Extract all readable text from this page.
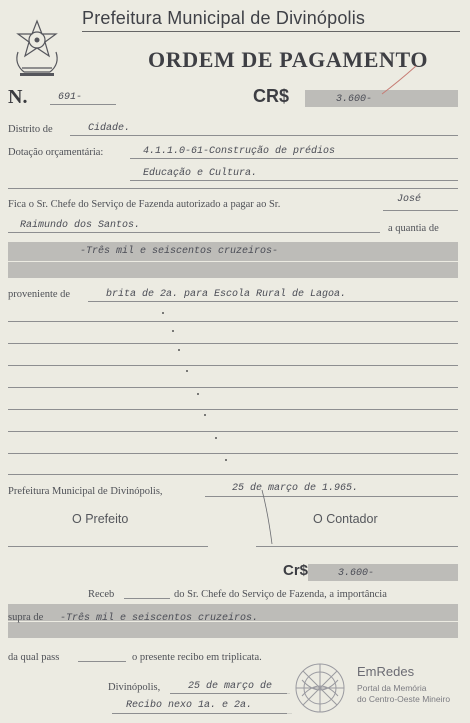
Prefeitura Municipal de Divinópolis
ORDEM DE PAGAMENTO
N.	691-	CR$	3.600-
Distrito de	Cidade.
Dotação orçamentária:	4.1.1.0-61-Construção de prédios
Educação e Cultura.
Fica o Sr. Chefe do Serviço de Fazenda autorizado a pagar ao Sr.	José
Raimundo dos Santos.	a quantia de
-Três mil e seiscentos cruzeiros-
proveniente de	brita de 2a. para Escola Rural de Lagoa.
Prefeitura Municipal de Divinópolis,	25 de março de 1.965.
O Prefeito	O Contador
Cr$	3.600-
Receb	do Sr. Chefe do Serviço de Fazenda, a importância
supra de -Três mil e seiscentos cruzeiros.
da qual pass	o presente recibo em triplicata.
Divinópolis,	25 de março de
Recibo nexo 1a. e 2a.
EmRedes
Portal da Memória
do Centro-Oeste Mineiro
